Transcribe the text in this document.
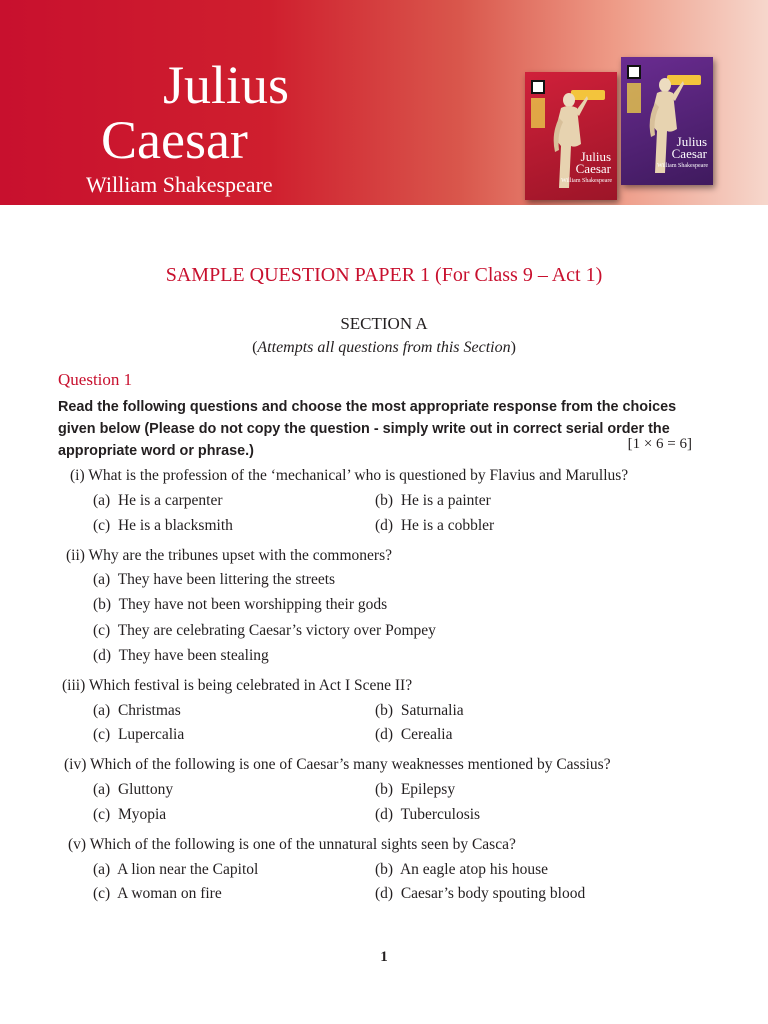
Julius
Caesar
William Shakespeare
Julius
Caesar
William Shakespeare
Julius
Caesar
William Shakespeare
SAMPLE QUESTION PAPER 1 (For Class 9 – Act 1)
SECTION A
(Attempts all questions from this Section)
Question 1
Read the following questions and choose the most appropriate response from the choices given below (Please do not copy the question - simply write out in correct serial order the appropriate word or phrase.)	[1 × 6 = 6]
(i) What is the profession of the ‘mechanical’ who is questioned by Flavius and Marullus?
(a) He is a carpenter	(b) He is a painter
(c) He is a blacksmith	(d) He is a cobbler
(ii) Why are the tribunes upset with the commoners?
(a) They have been littering the streets
(b) They have not been worshipping their gods
(c) They are celebrating Caesar’s victory over Pompey
(d) They have been stealing
(iii) Which festival is being celebrated in Act I Scene II?
(a) Christmas	(b) Saturnalia
(c) Lupercalia	(d) Cerealia
(iv) Which of the following is one of Caesar’s many weaknesses mentioned by Cassius?
(a) Gluttony	(b) Epilepsy
(c) Myopia	(d) Tuberculosis
(v) Which of the following is one of the unnatural sights seen by Casca?
(a) A lion near the Capitol	(b) An eagle atop his house
(c) A woman on fire	(d) Caesar’s body spouting blood
1
